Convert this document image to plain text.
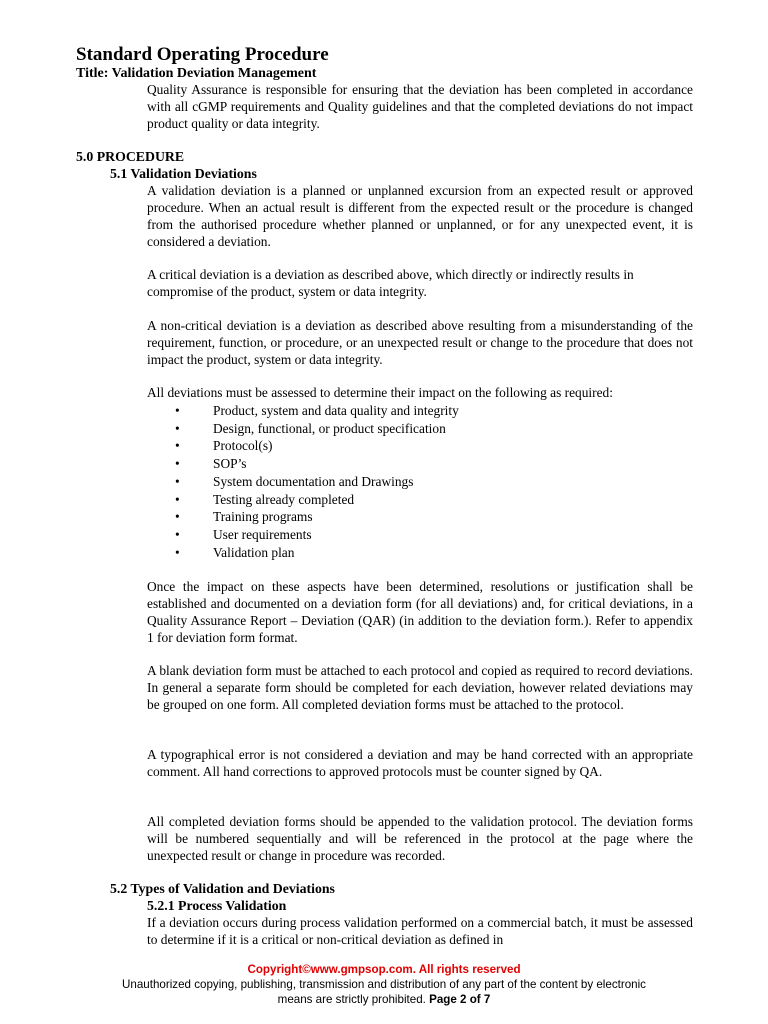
Standard Operating Procedure
Title: Validation Deviation Management
Quality Assurance is responsible for ensuring that the deviation has been completed in accordance with all cGMP requirements and Quality guidelines and that the completed deviations do not impact product quality or data integrity.
5.0 PROCEDURE
5.1 Validation Deviations
A validation deviation is a planned or unplanned excursion from an expected result or approved procedure. When an actual result is different from the expected result or the procedure is changed from the authorised procedure whether planned or unplanned, or for any unexpected event, it is considered a deviation.
A critical deviation is a deviation as described above, which directly or indirectly results in compromise of the product, system or data integrity.
A non-critical deviation is a deviation as described above resulting from a misunderstanding of the requirement, function, or procedure, or an unexpected result or change to the procedure that does not impact the product, system or data integrity.
All deviations must be assessed to determine their impact on the following as required:
• Product, system and data quality and integrity
• Design, functional, or product specification
• Protocol(s)
• SOP’s
• System documentation and Drawings
• Testing already completed
• Training programs
• User requirements
• Validation plan
Once the impact on these aspects have been determined, resolutions or justification shall be established and documented on a deviation form (for all deviations) and, for critical deviations, in a Quality Assurance Report – Deviation (QAR) (in addition to the deviation form.). Refer to appendix 1 for deviation form format.
A blank deviation form must be attached to each protocol and copied as required to record deviations. In general a separate form should be completed for each deviation, however related deviations may be grouped on one form. All completed deviation forms must be attached to the protocol.
A typographical error is not considered a deviation and may be hand corrected with an appropriate comment. All hand corrections to approved protocols must be counter signed by QA.
All completed deviation forms should be appended to the validation protocol. The deviation forms will be numbered sequentially and will be referenced in the protocol at the page where the unexpected result or change in procedure was recorded.
5.2 Types of Validation and Deviations
5.2.1 Process Validation
If a deviation occurs during process validation performed on a commercial batch, it must be assessed to determine if it is a critical or non-critical deviation as defined in
Copyright©www.gmpsop.com. All rights reserved
Unauthorized copying, publishing, transmission and distribution of any part of the content by electronic
means are strictly prohibited. Page 2 of 7
